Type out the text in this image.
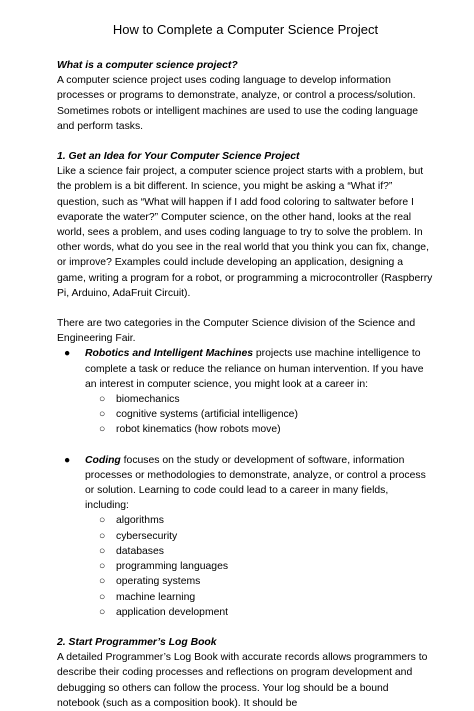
How to Complete a Computer Science Project
What is a computer science project?
A computer science project uses coding language to develop information processes or programs to demonstrate, analyze, or control a process/solution. Sometimes robots or intelligent machines are used to use the coding language and perform tasks.
1. Get an Idea for Your Computer Science Project
Like a science fair project, a computer science project starts with a problem, but the problem is a bit different. In science, you might be asking a “What if?” question, such as “What will happen if I add food coloring to saltwater before I evaporate the water?” Computer science, on the other hand, looks at the real world, sees a problem, and uses coding language to try to solve the problem. In other words, what do you see in the real world that you think you can fix, change, or improve? Examples could include developing an application, designing a game, writing a program for a robot, or programming a microcontroller (Raspberry Pi, Arduino, AdaFruit Circuit).
There are two categories in the Computer Science division of the Science and Engineering Fair.
● Robotics and Intelligent Machines projects use machine intelligence to complete a task or reduce the reliance on human intervention. If you have an interest in computer science, you might look at a career in:
○ biomechanics
○ cognitive systems (artificial intelligence)
○ robot kinematics (how robots move)
● Coding focuses on the study or development of software, information processes or methodologies to demonstrate, analyze, or control a process or solution. Learning to code could lead to a career in many fields, including:
○ algorithms
○ cybersecurity
○ databases
○ programming languages
○ operating systems
○ machine learning
○ application development
2. Start Programmer’s Log Book
A detailed Programmer’s Log Book with accurate records allows programmers to describe their coding processes and reflections on program development and debugging so others can follow the process. Your log should be a bound notebook (such as a composition book). It should be
